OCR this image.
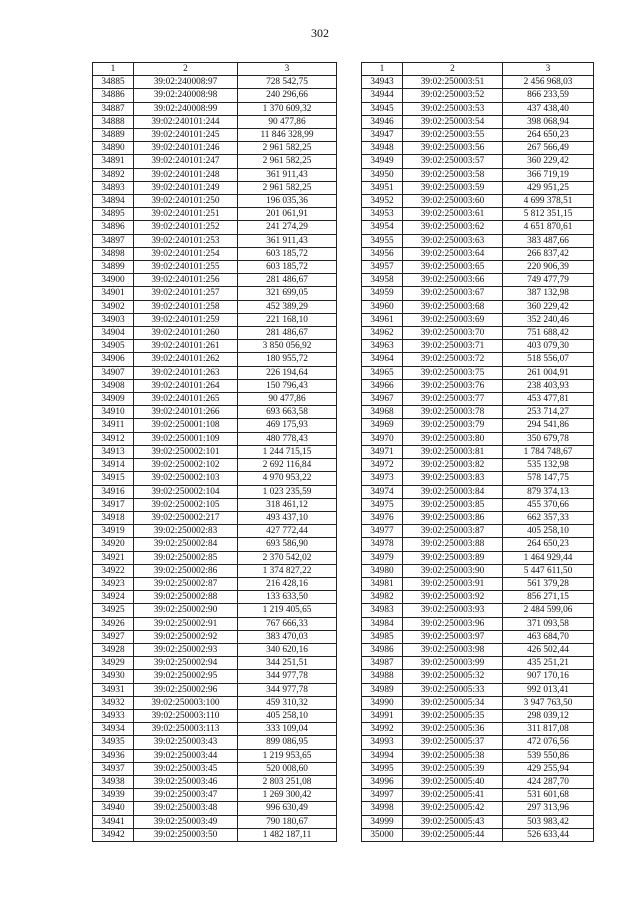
302
1	2	3
34885	39:02:240008:97	728 542,75
34886	39:02:240008:98	240 296,66
34887	39:02:240008:99	1 370 609,32
34888	39:02:240101:244	90 477,86
34889	39:02:240101:245	11 846 328,99
34890	39:02:240101:246	2 961 582,25
34891	39:02:240101:247	2 961 582,25
34892	39:02:240101:248	361 911,43
34893	39:02:240101:249	2 961 582,25
34894	39:02:240101:250	196 035,36
34895	39:02:240101:251	201 061,91
34896	39:02:240101:252	241 274,29
34897	39:02:240101:253	361 911,43
34898	39:02:240101:254	603 185,72
34899	39:02:240101:255	603 185,72
34900	39:02:240101:256	281 486,67
34901	39:02:240101:257	321 699,05
34902	39:02:240101:258	452 389,29
34903	39:02:240101:259	221 168,10
34904	39:02:240101:260	281 486,67
34905	39:02:240101:261	3 850 056,92
34906	39:02:240101:262	180 955,72
34907	39:02:240101:263	226 194,64
34908	39:02:240101:264	150 796,43
34909	39:02:240101:265	90 477,86
34910	39:02:240101:266	693 663,58
34911	39:02:250001:108	469 175,93
34912	39:02:250001:109	480 778,43
34913	39:02:250002:101	1 244 715,15
34914	39:02:250002:102	2 692 116,84
34915	39:02:250002:103	4 970 953,22
34916	39:02:250002:104	1 023 235,59
34917	39:02:250002:105	318 461,12
34918	39:02:250002:217	493 437,10
34919	39:02:250002:83	427 772,44
34920	39:02:250002:84	693 586,90
34921	39:02:250002:85	2 370 542,02
34922	39:02:250002:86	1 374 827,22
34923	39:02:250002:87	216 428,16
34924	39:02:250002:88	133 633,50
34925	39:02:250002:90	1 219 405,65
34926	39:02:250002:91	767 666,33
34927	39:02:250002:92	383 470,03
34928	39:02:250002:93	340 620,16
34929	39:02:250002:94	344 251,51
34930	39:02:250002:95	344 977,78
34931	39:02:250002:96	344 977,78
34932	39:02:250003:100	459 310,32
34933	39:02:250003:110	405 258,10
34934	39:02:250003:113	333 109,04
34935	39:02:250003:43	899 086,95
34936	39:02:250003:44	1 219 953,65
34937	39:02:250003:45	520 008,60
34938	39:02:250003:46	2 803 251,08
34939	39:02:250003:47	1 269 300,42
34940	39:02:250003:48	996 630,49
34941	39:02:250003:49	790 180,67
34942	39:02:250003:50	1 482 187,11
1	2	3
34943	39:02:250003:51	2 456 968,03
34944	39:02:250003:52	866 233,59
34945	39:02:250003:53	437 438,40
34946	39:02:250003:54	398 068,94
34947	39:02:250003:55	264 650,23
34948	39:02:250003:56	267 566,49
34949	39:02:250003:57	360 229,42
34950	39:02:250003:58	366 719,19
34951	39:02:250003:59	429 951,25
34952	39:02:250003:60	4 699 378,51
34953	39:02:250003:61	5 812 351,15
34954	39:02:250003:62	4 651 870,61
34955	39:02:250003:63	383 487,66
34956	39:02:250003:64	266 837,42
34957	39:02:250003:65	220 906,39
34958	39:02:250003:66	749 477,79
34959	39:02:250003:67	387 132,98
34960	39:02:250003:68	360 229,42
34961	39:02:250003:69	352 240,46
34962	39:02:250003:70	751 688,42
34963	39:02:250003:71	403 079,30
34964	39:02:250003:72	518 556,07
34965	39:02:250003:75	261 004,91
34966	39:02:250003:76	238 403,93
34967	39:02:250003:77	453 477,81
34968	39:02:250003:78	253 714,27
34969	39:02:250003:79	294 541,86
34970	39:02:250003:80	350 679,78
34971	39:02:250003:81	1 784 748,67
34972	39:02:250003:82	535 132,98
34973	39:02:250003:83	578 147,75
34974	39:02:250003:84	879 374,13
34975	39:02:250003:85	455 370,66
34976	39:02:250003:86	662 357,33
34977	39:02:250003:87	405 258,10
34978	39:02:250003:88	264 650,23
34979	39:02:250003:89	1 464 929,44
34980	39:02:250003:90	5 447 611,50
34981	39:02:250003:91	561 379,28
34982	39:02:250003:92	856 271,15
34983	39:02:250003:93	2 484 599,06
34984	39:02:250003:96	371 093,58
34985	39:02:250003:97	463 684,70
34986	39:02:250003:98	426 502,44
34987	39:02:250003:99	435 251,21
34988	39:02:250005:32	907 170,16
34989	39:02:250005:33	992 013,41
34990	39:02:250005:34	3 947 763,50
34991	39:02:250005:35	298 039,12
34992	39:02:250005:36	311 817,08
34993	39:02:250005:37	472 076,56
34994	39:02:250005:38	539 550,86
34995	39:02:250005:39	429 255,94
34996	39:02:250005:40	424 287,70
34997	39:02:250005:41	531 601,68
34998	39:02:250005:42	297 313,96
34999	39:02:250005:43	503 983,42
35000	39:02:250005:44	526 633,44
